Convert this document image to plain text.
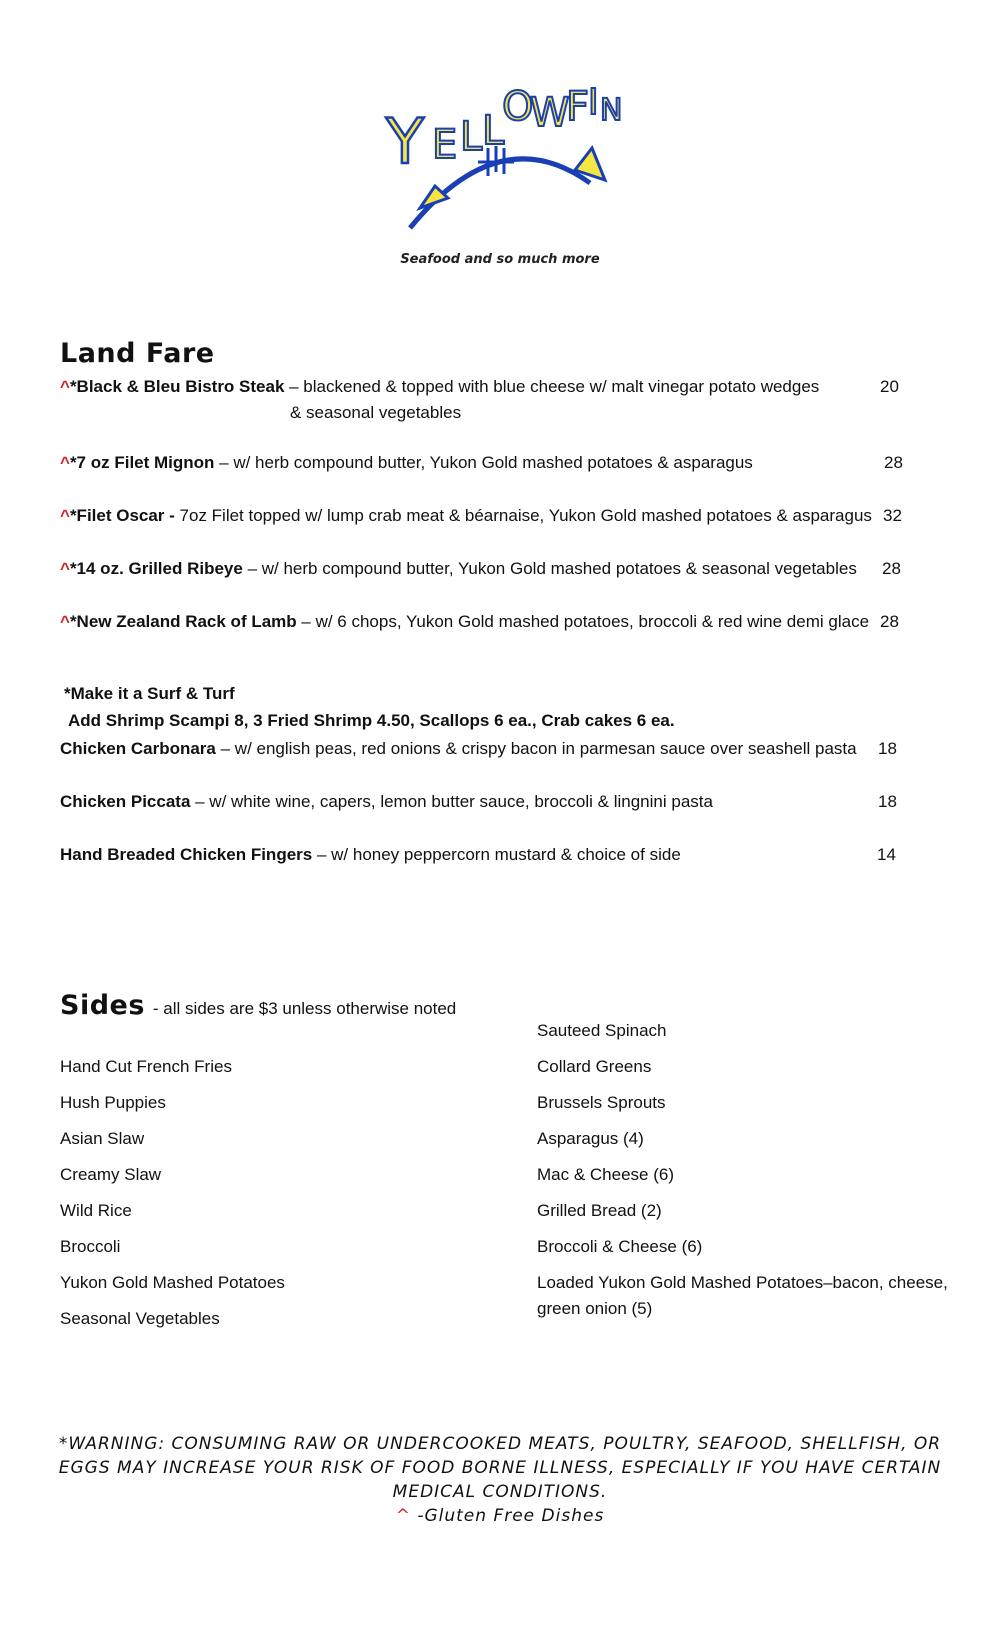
Y E L L
O
W
F
I N
Seafood and so much more
Land Fare
^*Black & Bleu Bistro Steak – blackened & topped with blue cheese w/ malt vinegar potato wedges
& seasonal vegetables
20
^*7 oz Filet Mignon – w/ herb compound butter, Yukon Gold mashed potatoes & asparagus	28
^*Filet Oscar - 7oz Filet topped w/ lump crab meat & béarnaise, Yukon Gold mashed potatoes & asparagus 32
^*14 oz. Grilled Ribeye – w/ herb compound butter, Yukon Gold mashed potatoes & seasonal vegetables 28
^*New Zealand Rack of Lamb – w/ 6 chops, Yukon Gold mashed potatoes, broccoli & red wine demi glace 28
*Make it a Surf & Turf
Add Shrimp Scampi 8, 3 Fried Shrimp 4.50, Scallops 6 ea., Crab cakes 6 ea.
Chicken Carbonara – w/ english peas, red onions & crispy bacon in parmesan sauce over seashell pasta 18
Chicken Piccata – w/ white wine, capers, lemon butter sauce, broccoli & lingnini pasta	18
Hand Breaded Chicken Fingers – w/ honey peppercorn mustard & choice of side	14
Sides - all sides are $3 unless otherwise noted
Hand Cut French Fries
Hush Puppies
Asian Slaw
Creamy Slaw
Wild Rice
Broccoli
Yukon Gold Mashed Potatoes
Seasonal Vegetables
Sauteed Spinach
Collard Greens
Brussels Sprouts
Asparagus (4)
Mac & Cheese (6)
Grilled Bread (2)
Broccoli & Cheese (6)
Loaded Yukon Gold Mashed Potatoes–bacon, cheese,
green onion (5)
*WARNING: CONSUMING RAW OR UNDERCOOKED MEATS, POULTRY, SEAFOOD, SHELLFISH, OR
EGGS MAY INCREASE YOUR RISK OF FOOD BORNE ILLNESS, ESPECIALLY IF YOU HAVE CERTAIN
MEDICAL CONDITIONS.
^ -Gluten Free Dishes
